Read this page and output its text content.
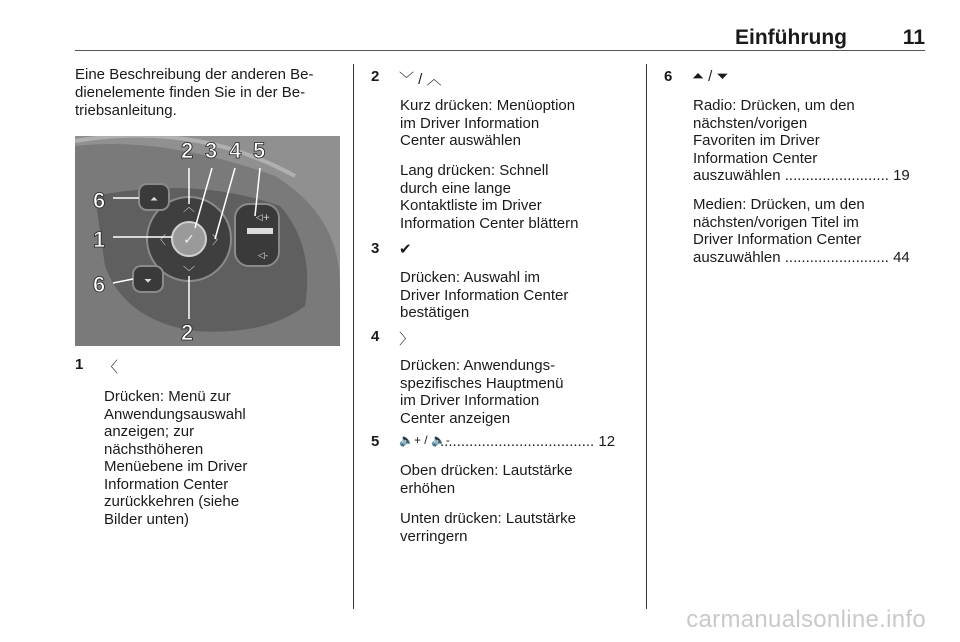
Einführung	11
Eine Beschreibung der anderen Be-
dienelemente finden Sie in der Be-
triebsanleitung.
✓
︿
﹀
〈	〉
◁+
◁-
⏶
⏷
2 3 4 5
6
1
6
2
1 〈
Drücken: Menü zur
Anwendungsauswahl
anzeigen; zur
nächsthöheren
Menüebene im Driver
Information Center
zurückkehren (siehe
Bilder unten)
2 ﹀ / ︿
Kurz drücken: Menüoption
im Driver Information
Center auswählen
Lang drücken: Schnell
durch eine lange
Kontaktliste im Driver
Information Center blättern
3 ✔
Drücken: Auswahl im
Driver Information Center
bestätigen
4 〉
Drücken: Anwendungs-
spezifisches Hauptmenü
im Driver Information
Center anzeigen
5 🔈+ / 🔈-
..................................... 12
Oben drücken: Lautstärke
erhöhen
Unten drücken: Lautstärke
verringern
6 ⏶ / ⏷
Radio: Drücken, um den
nächsten/vorigen
Favoriten im Driver
Information Center
auszuwählen ......................... 19
Medien: Drücken, um den
nächsten/vorigen Titel im
Driver Information Center
auszuwählen ......................... 44
carmanualsonline.info
